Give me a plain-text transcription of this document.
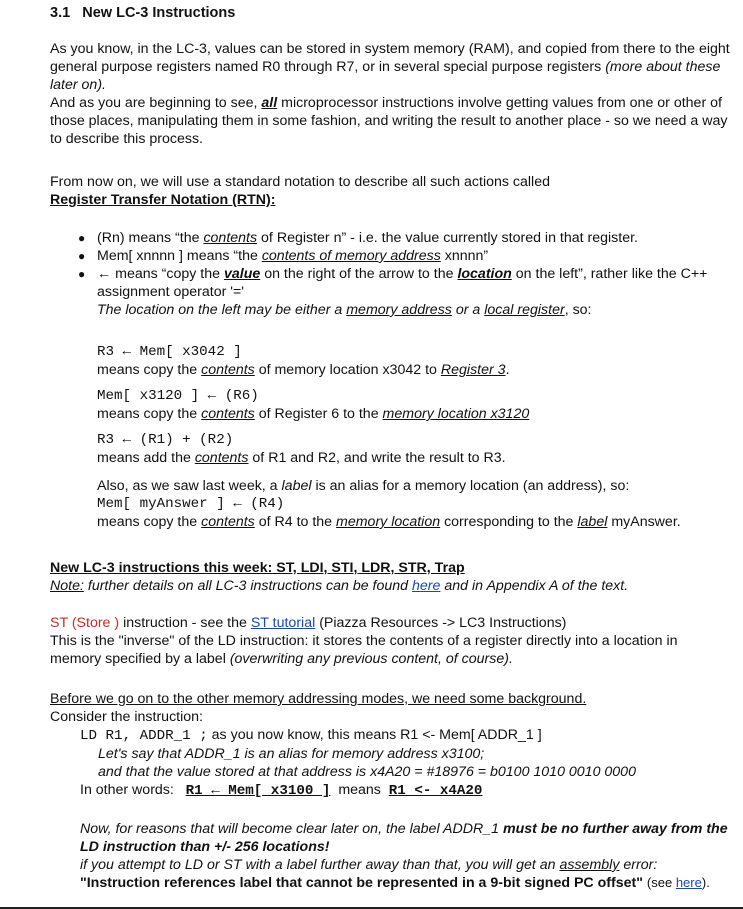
3.1 New LC-3 Instructions

As you know, in the LC-3, values can be stored in system memory (RAM), and copied from there to the eight general purpose registers named R0 through R7, or in several special purpose registers (more about these later on).

And as you are beginning to see, all microprocessor instructions involve getting values from one or other of those places, manipulating them in some fashion, and writing the result to another place - so we need a way to describe this process.

From now on, we will use a standard notation to describe all such actions called

Register Transfer Notation (RTN):

● (Rn) means “the contents of Register n” - i.e. the value currently stored in that register.
● Mem[ xnnnn ] means “the contents of memory address xnnnn”
● ← means “copy the value on the right of the arrow to the location on the left”, rather like the C++ assignment operator '='
The location on the left may be either a memory address or a local register, so:
R3 ← Mem[ x3042 ]
means copy the contents of memory location x3042 to Register 3.
Mem[ x3120 ] ← (R6)
means copy the contents of Register 6 to the memory location x3120
R3 ← (R1) + (R2)
means add the contents of R1 and R2, and write the result to R3.
Also, as we saw last week, a label is an alias for a memory location (an address), so:
Mem[ myAnswer ] ← (R4)
means copy the contents of R4 to the memory location corresponding to the label myAnswer.

New LC-3 instructions this week: ST, LDI, STI, LDR, STR, Trap

Note: further details on all LC-3 instructions can be found here and in Appendix A of the text.

ST (Store ) instruction - see the ST tutorial (Piazza Resources -> LC3 Instructions)

This is the "inverse" of the LD instruction: it stores the contents of a register directly into a location in memory specified by a label (overwriting any previous content, of course).

Before we go on to the other memory addressing modes, we need some background.

Consider the instruction:

LD R1, ADDR_1 ; as you now know, this means R1 <- Mem[ ADDR_1 ]
Let's say that ADDR_1 is an alias for memory address x3100;
and that the value stored at that address is x4A20 = #18976 = b0100 1010 0010 0000
In other words: R1 ← Mem[ x3100 ] means R1 <- x4A20

Now, for reasons that will become clear later on, the label ADDR_1 must be no further away from the LD instruction than +/- 256 locations!

if you attempt to LD or ST with a label further away than that, you will get an assembly error:

"Instruction references label that cannot be represented in a 9-bit signed PC offset" (see here).
